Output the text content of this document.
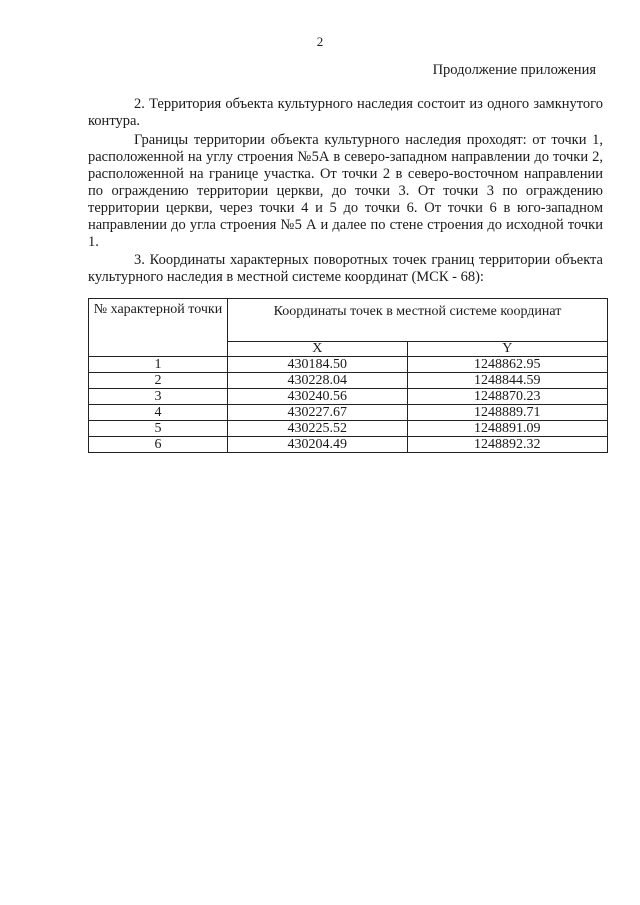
2
Продолжение приложения

2. Территория объекта культурного наследия состоит из одного замкнутого контура.

Границы территории объекта культурного наследия проходят: от точки 1, расположенной на углу строения №5А в северо-западном направлении до точки 2, расположенной на границе участка. От точки 2 в северо-восточном направлении по ограждению территории церкви, до точки 3. От точки 3 по ограждению территории церкви, через точки 4 и 5 до точки 6. От точки 6 в юго-западном направлении до угла строения №5 А и далее по стене строения до исходной точки 1.

3. Координаты характерных поворотных точек границ территории объекта культурного наследия в местной системе координат (МСК - 68):

№ характерной точки	Координаты точек в местной системе координат	
	X	Y
1	430184.50	1248862.95
2	430228.04	1248844.59
3	430240.56	1248870.23
4	430227.67	1248889.71
5	430225.52	1248891.09
6	430204.49	1248892.32
